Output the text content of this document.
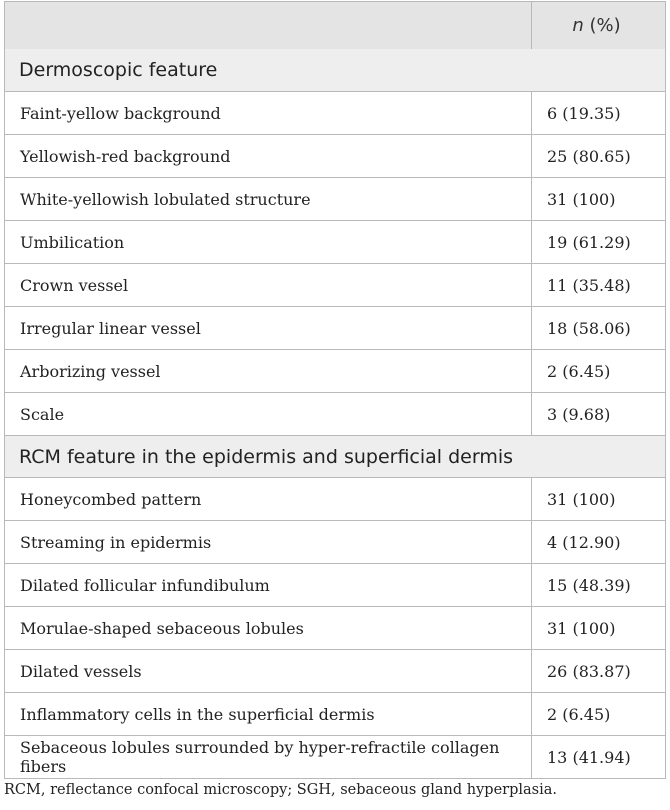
n (%)
Dermoscopic feature
Faint-yellow background	6 (19.35)
Yellowish-red background	25 (80.65)
White-yellowish lobulated structure	31 (100)
Umbilication	19 (61.29)
Crown vessel	11 (35.48)
Irregular linear vessel	18 (58.06)
Arborizing vessel	2 (6.45)
Scale	3 (9.68)
RCM feature in the epidermis and superficial dermis
Honeycombed pattern	31 (100)
Streaming in epidermis	4 (12.90)
Dilated follicular infundibulum	15 (48.39)
Morulae-shaped sebaceous lobules	31 (100)
Dilated vessels	26 (83.87)
Inflammatory cells in the superficial dermis	2 (6.45)
Sebaceous lobules surrounded by hyper-refractile collagen fibers	13 (41.94)
RCM, reflectance confocal microscopy; SGH, sebaceous gland hyperplasia.
